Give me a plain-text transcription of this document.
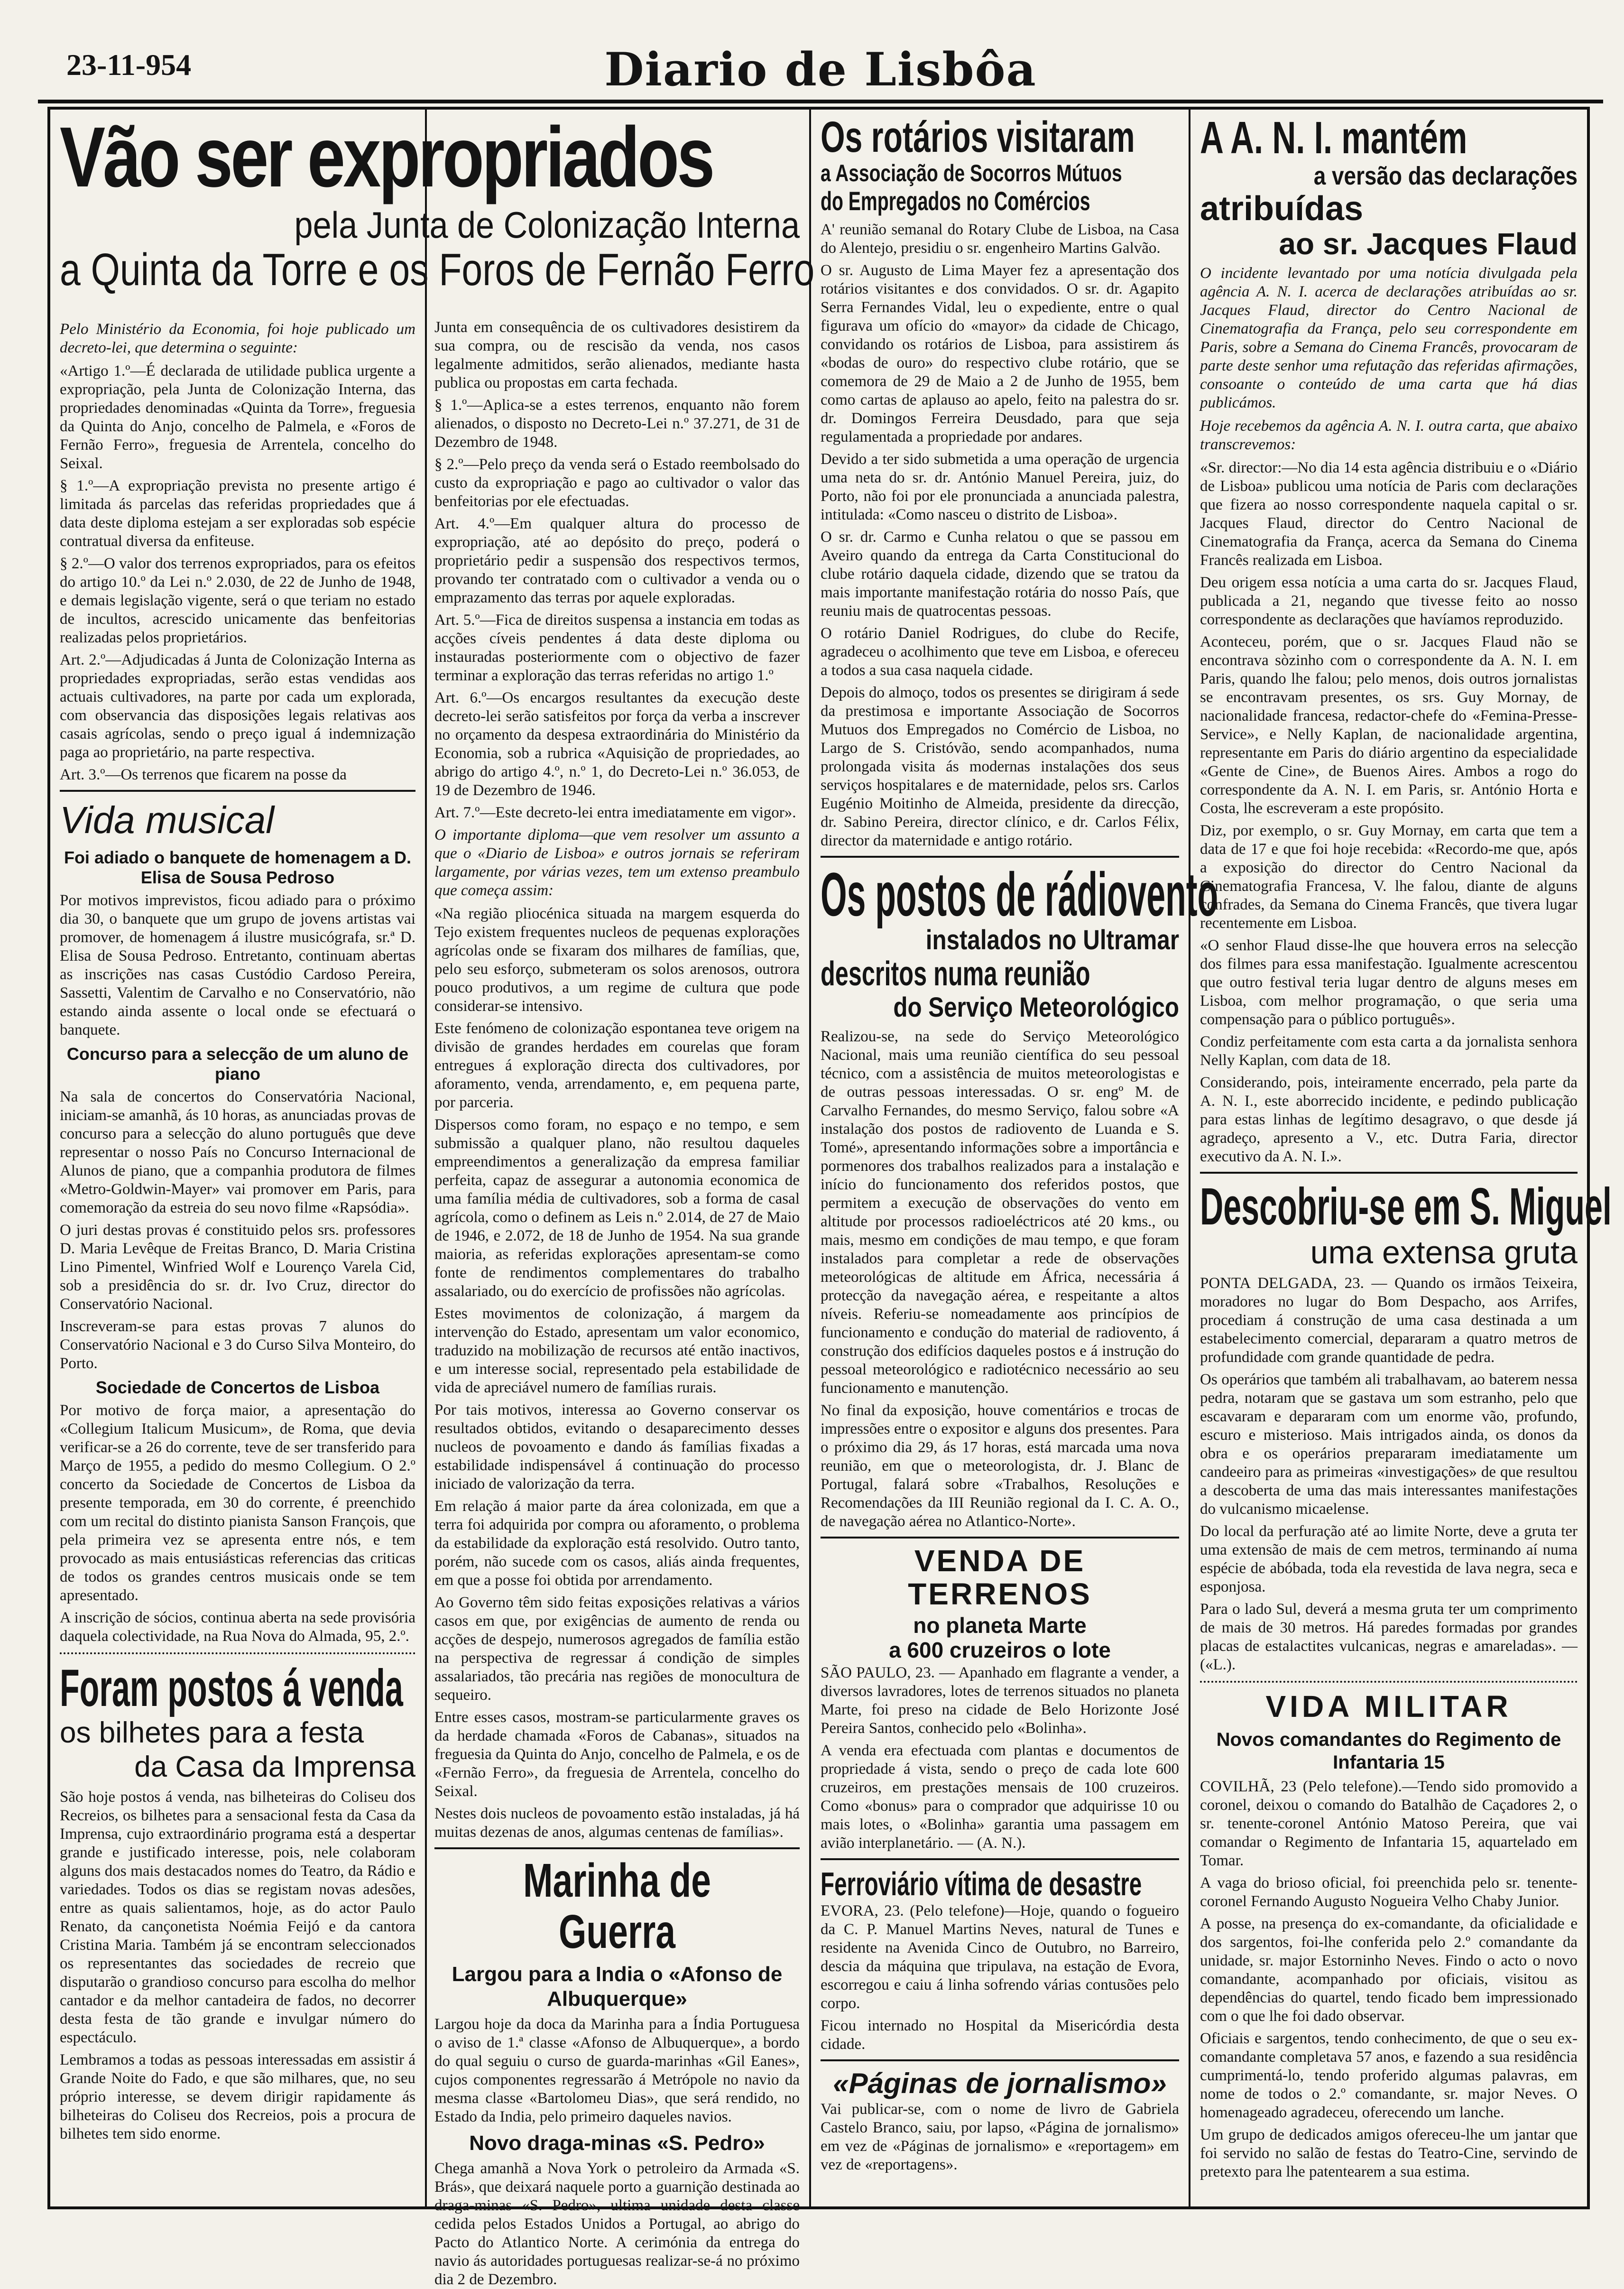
23-11-954	Diario de Lisbôa
Vão ser expropriados Os rotários visitaram
a Associação de Socorros Mútuos
do Empregados no Comércios

A' reunião semanal do Rotary Clube de Lisboa, na Casa do Alentejo, presidiu o sr. engenheiro Martins Galvão.

O sr. Augusto de Lima Mayer fez a apresentação dos rotários visitantes e dos convidados. O sr. dr. Agapito Serra Fernandes Vidal, leu o expediente, entre o qual figurava um ofício do «mayor» da cidade de Chicago, convidando os rotários de Lisboa, para assistirem ás «bodas de ouro» do respectivo clube rotário, que se comemora de 29 de Maio a 2 de Junho de 1955, bem como cartas de aplauso ao apelo, feito na palestra do sr. dr. Domingos Ferreira Deusdado, para que seja regulamentada a propriedade por andares.

Devido a ter sido submetida a uma operação de urgencia uma neta do sr. dr. António Manuel Pereira, juiz, do Porto, não foi por ele pronunciada a anunciada palestra, intitulada: «Como nasceu o distrito de Lisboa».

O sr. dr. Carmo e Cunha relatou o que se passou em Aveiro quando da entrega da Carta Constitucional do clube rotário daquela cidade, dizendo que se tratou da mais importante manifestação rotária do nosso País, que reuniu mais de quatrocentas pessoas.

O rotário Daniel Rodrigues, do clube do Recife, agradeceu o acolhimento que teve em Lisboa, e ofereceu a todos a sua casa naquela cidade.

Depois do almoço, todos os presentes se dirigiram á sede da prestimosa e importante Associação de Socorros Mutuos dos Empregados no Comércio de Lisboa, no Largo de S. Cristóvão, sendo acompanhados, numa prolongada visita ás modernas instalações dos seus serviços hospitalares e de maternidade, pelos srs. Carlos Eugénio Moitinho de Almeida, presidente da direcção, dr. Sabino Pereira, director clínico, e dr. Carlos Félix, director da maternidade e antigo rotário.

Os postos de rádiovento
instalados no Ultramar
descritos numa reunião
do Serviço Meteorológico

Realizou-se, na sede do Serviço Meteorológico Nacional, mais uma reunião científica do seu pessoal técnico, com a assistência de muitos meteorologistas e de outras pessoas interessadas. O sr. engº M. de Carvalho Fernandes, do mesmo Serviço, falou sobre «A instalação dos postos de radiovento de Luanda e S. Tomé», apresentando informações sobre a importância e pormenores dos trabalhos realizados para a instalação e início do funcionamento dos referidos postos, que permitem a execução de observações do vento em altitude por processos radioeléctricos até 20 kms., ou mais, mesmo em condições de mau tempo, e que foram instalados para completar a rede de observações meteorológicas de altitude em África, necessária á protecção da navegação aérea, e respeitante a altos níveis. Referiu-se nomeadamente aos princípios de funcionamento e condução do material de radiovento, á construção dos edifícios daqueles postos e á instrução do pessoal meteorológico e radiotécnico necessário ao seu funcionamento e manutenção.

No final da exposição, houve comentários e trocas de impressões entre o expositor e alguns dos presentes. Para o próximo dia 29, ás 17 horas, está marcada uma nova reunião, em que o meteorologista, dr. J. Blanc de Portugal, falará sobre «Trabalhos, Resoluções e Recomendações da III Reunião regional da I. C. A. O., de navegação aérea no Atlantico-Norte».

VENDA DE TERRENOS
no planeta Marte
a 600 cruzeiros o lote

SÃO PAULO, 23. — Apanhado em flagrante a vender, a diversos lavradores, lotes de terrenos situados no planeta Marte, foi preso na cidade de Belo Horizonte José Pereira Santos, conhecido pelo «Bolinha».

A venda era efectuada com plantas e documentos de propriedade á vista, sendo o preço de cada lote 600 cruzeiros, em prestações mensais de 100 cruzeiros. Como «bonus» para o comprador que adquirisse 10 ou mais lotes, o «Bolinha» garantia uma passagem em avião interplanetário. — (A. N.).

Ferroviário vítima de desastre

EVORA, 23. (Pelo telefone)—Hoje, quando o fogueiro da C. P. Manuel Martins Neves, natural de Tunes e residente na Avenida Cinco de Outubro, no Barreiro, descia da máquina que tripulava, na estação de Evora, escorregou e caiu á linha sofrendo várias contusões pelo corpo.

Ficou internado no Hospital da Misericórdia desta cidade.

«Páginas de jornalismo»

Vai publicar-se, com o nome de livro de Gabriela Castelo Branco, saiu, por lapso, «Página de jornalismo» em vez de «Páginas de jornalismo» e «reportagem» em vez de «reportagens».

A A. N. I. mantém
a versão das declarações
atribuídas
ao sr. Jacques Flaud

O incidente levantado por uma notícia divulgada pela agência A. N. I. acerca de declarações atribuídas ao sr. Jacques Flaud, director do Centro Nacional de Cinematografia da França, pelo seu correspondente em Paris, sobre a Semana do Cinema Francês, provocaram de parte deste senhor uma refutação das referidas afirmações, consoante o conteúdo de uma carta que há dias publicámos.

Hoje recebemos da agência A. N. I. outra carta, que abaixo transcrevemos:

«Sr. director:—No dia 14 esta agência distribuiu e o «Diário de Lisboa» publicou uma notícia de Paris com declarações que fizera ao nosso correspondente naquela capital o sr. Jacques Flaud, director do Centro Nacional de Cinematografia da França, acerca da Semana do Cinema Francês realizada em Lisboa.

Deu origem essa notícia a uma carta do sr. Jacques Flaud, publicada a 21, negando que tivesse feito ao nosso correspondente as declarações que havíamos reproduzido.

Aconteceu, porém, que o sr. Jacques Flaud não se encontrava sòzinho com o correspondente da A. N. I. em Paris, quando lhe falou; pelo menos, dois outros jornalistas se encontravam presentes, os srs. Guy Mornay, de nacionalidade francesa, redactor-chefe do «Femina-Presse-Service», e Nelly Kaplan, de nacionalidade argentina, representante em Paris do diário argentino da especialidade «Gente de Cine», de Buenos Aires. Ambos a rogo do correspondente da A. N. I. em Paris, sr. António Horta e Costa, lhe escreveram a este propósito.

Diz, por exemplo, o sr. Guy Mornay, em carta que tem a data de 17 e que foi hoje recebida: «Recordo-me que, após a exposição do director do Centro Nacional da Cinematografia Francesa, V. lhe falou, diante de alguns confrades, da Semana do Cinema Francês, que tivera lugar recentemente em Lisboa.

«O senhor Flaud disse-lhe que houvera erros na selecção dos filmes para essa manifestação. Igualmente acrescentou que outro festival teria lugar dentro de alguns meses em Lisboa, com melhor programação, o que seria uma compensação para o público português».

Condiz perfeitamente com esta carta a da jornalista senhora Nelly Kaplan, com data de 18.

Considerando, pois, inteiramente encerrado, pela parte da A. N. I., este aborrecido incidente, e pedindo publicação para estas linhas de legítimo desagravo, o que desde já agradeço, apresento a V., etc. Dutra Faria, director executivo da A. N. I.».

Descobriu-se em S. Miguel
uma extensa gruta

PONTA DELGADA, 23. — Quando os irmãos Teixeira, moradores no lugar do Bom Despacho, aos Arrifes, procediam á construção de uma casa destinada a um estabelecimento comercial, depararam a quatro metros de profundidade com grande quantidade de pedra.

Os operários que também ali trabalhavam, ao baterem nessa pedra, notaram que se gastava um som estranho, pelo que escavaram e depararam com um enorme vão, profundo, escuro e misterioso. Mais intrigados ainda, os donos da obra e os operários prepararam imediatamente um candeeiro para as primeiras «investigações» de que resultou a descoberta de uma das mais interessantes manifestações do vulcanismo micaelense.

Do local da perfuração até ao limite Norte, deve a gruta ter uma extensão de mais de cem metros, terminando aí numa espécie de abóbada, toda ela revestida de lava negra, seca e esponjosa.

Para o lado Sul, deverá a mesma gruta ter um comprimento de mais de 30 metros. Há paredes formadas por grandes placas de estalactites vulcanicas, negras e amareladas». — («L.).

VIDA MILITAR
Novos comandantes do Regimento de Infantaria 15

COVILHÃ, 23 (Pelo telefone).—Tendo sido promovido a coronel, deixou o comando do Batalhão de Caçadores 2, o sr. tenente-coronel António Matoso Pereira, que vai comandar o Regimento de Infantaria 15, aquartelado em Tomar.

A vaga do brioso oficial, foi preenchida pelo sr. tenente-coronel Fernando Augusto Nogueira Velho Chaby Junior.

A posse, na presença do ex-comandante, da oficialidade e dos sargentos, foi-lhe conferida pelo 2.º comandante da unidade, sr. major Estorninho Neves. Findo o acto o novo comandante, acompanhado por oficiais, visitou as dependências do quartel, tendo ficado bem impressionado com o que lhe foi dado observar.

Oficiais e sargentos, tendo conhecimento, de que o seu ex-comandante completava 57 anos, e fazendo a sua residência cumprimentá-lo, tendo proferido algumas palavras, em nome de todos o 2.º comandante, sr. major Neves. O homenageado agradeceu, oferecendo um lanche.

Um grupo de dedicados amigos ofereceu-lhe um jantar que foi servido no salão de festas do Teatro-Cine, servindo de pretexto para lhe patentearem a sua estima.

pela Junta de Colonização Interna
a Quinta da Torre e os Foros de Fernão Ferro

Pelo Ministério da Economia, foi hoje publicado um decreto-lei, que determina o seguinte:

«Artigo 1.º—É declarada de utilidade publica urgente a expropriação, pela Junta de Colonização Interna, das propriedades denominadas «Quinta da Torre», freguesia da Quinta do Anjo, concelho de Palmela, e «Foros de Fernão Ferro», freguesia de Arrentela, concelho do Seixal.

§ 1.º—A expropriação prevista no presente artigo é limitada ás parcelas das referidas propriedades que á data deste diploma estejam a ser exploradas sob espécie contratual diversa da enfiteuse.

§ 2.º—O valor dos terrenos expropriados, para os efeitos do artigo 10.º da Lei n.º 2.030, de 22 de Junho de 1948, e demais legislação vigente, será o que teriam no estado de incultos, acrescido unicamente das benfeitorias realizadas pelos proprietários.

Art. 2.º—Adjudicadas á Junta de Colonização Interna as propriedades expropriadas, serão estas vendidas aos actuais cultivadores, na parte por cada um explorada, com observancia das disposições legais relativas aos casais agrícolas, sendo o preço igual á indemnização paga ao proprietário, na parte respectiva.

Art. 3.º—Os terrenos que ficarem na posse da

Vida musical
Foi adiado o banquete de homenagem a D. Elisa de Sousa Pedroso

Por motivos imprevistos, ficou adiado para o próximo dia 30, o banquete que um grupo de jovens artistas vai promover, de homenagem á ilustre musicógrafa, sr.ª D. Elisa de Sousa Pedroso. Entretanto, continuam abertas as inscrições nas casas Custódio Cardoso Pereira, Sassetti, Valentim de Carvalho e no Conservatório, não estando ainda assente o local onde se efectuará o banquete.

Concurso para a selecção de um aluno de piano

Na sala de concertos do Conservatória Nacional, iniciam-se amanhã, ás 10 horas, as anunciadas provas de concurso para a selecção do aluno português que deve representar o nosso País no Concurso Internacional de Alunos de piano, que a companhia produtora de filmes «Metro-Goldwin-Mayer» vai promover em Paris, para comemoração da estreia do seu novo filme «Rapsódia».

O juri destas provas é constituido pelos srs. professores D. Maria Levêque de Freitas Branco, D. Maria Cristina Lino Pimentel, Winfried Wolf e Lourenço Varela Cid, sob a presidência do sr. dr. Ivo Cruz, director do Conservatório Nacional.

Inscreveram-se para estas provas 7 alunos do Conservatório Nacional e 3 do Curso Silva Monteiro, do Porto.

Sociedade de Concertos de Lisboa

Por motivo de força maior, a apresentação do «Collegium Italicum Musicum», de Roma, que devia verificar-se a 26 do corrente, teve de ser transferido para Março de 1955, a pedido do mesmo Collegium. O 2.º concerto da Sociedade de Concertos de Lisboa da presente temporada, em 30 do corrente, é preenchido com um recital do distinto pianista Sanson François, que pela primeira vez se apresenta entre nós, e tem provocado as mais entusiásticas referencias das criticas de todos os grandes centros musicais onde se tem apresentado.

A inscrição de sócios, continua aberta na sede provisória daquela colectividade, na Rua Nova do Almada, 95, 2.º.

Foram postos á venda
os bilhetes para a festa
da Casa da Imprensa

São hoje postos á venda, nas bilheteiras do Coliseu dos Recreios, os bilhetes para a sensacional festa da Casa da Imprensa, cujo extraordinário programa está a despertar grande e justificado interesse, pois, nele colaboram alguns dos mais destacados nomes do Teatro, da Rádio e variedades. Todos os dias se registam novas adesões, entre as quais salientamos, hoje, as do actor Paulo Renato, da cançonetista Noémia Feijó e da cantora Cristina Maria. Também já se encontram seleccionados os representantes das sociedades de recreio que disputarão o grandioso concurso para escolha do melhor cantador e da melhor cantadeira de fados, no decorrer desta festa de tão grande e invulgar número do espectáculo.

Lembramos a todas as pessoas interessadas em assistir á Grande Noite do Fado, e que são milhares, que, no seu próprio interesse, se devem dirigir rapidamente ás bilheteiras do Coliseu dos Recreios, pois a procura de bilhetes tem sido enorme.

Junta em consequência de os cultivadores desistirem da sua compra, ou de rescisão da venda, nos casos legalmente admitidos, serão alienados, mediante hasta publica ou propostas em carta fechada.

§ 1.º—Aplica-se a estes terrenos, enquanto não forem alienados, o disposto no Decreto-Lei n.º 37.271, de 31 de Dezembro de 1948.

§ 2.º—Pelo preço da venda será o Estado reembolsado do custo da expropriação e pago ao cultivador o valor das benfeitorias por ele efectuadas.

Art. 4.º—Em qualquer altura do processo de expropriação, até ao depósito do preço, poderá o proprietário pedir a suspensão dos respectivos termos, provando ter contratado com o cultivador a venda ou o emprazamento das terras por aquele exploradas.

Art. 5.º—Fica de direitos suspensa a instancia em todas as acções cíveis pendentes á data deste diploma ou instauradas posteriormente com o objectivo de fazer terminar a exploração das terras referidas no artigo 1.º

Art. 6.º—Os encargos resultantes da execução deste decreto-lei serão satisfeitos por força da verba a inscrever no orçamento da despesa extraordinária do Ministério da Economia, sob a rubrica «Aquisição de propriedades, ao abrigo do artigo 4.º, n.º 1, do Decreto-Lei n.º 36.053, de 19 de Dezembro de 1946.

Art. 7.º—Este decreto-lei entra imediatamente em vigor».

O importante diploma—que vem resolver um assunto a que o «Diario de Lisboa» e outros jornais se referiram largamente, por várias vezes, tem um extenso preambulo que começa assim:

«Na região pliocénica situada na margem esquerda do Tejo existem frequentes nucleos de pequenas explorações agrícolas onde se fixaram dos milhares de famílias, que, pelo seu esforço, submeteram os solos arenosos, outrora pouco produtivos, a um regime de cultura que pode considerar-se intensivo.

Este fenómeno de colonização espontanea teve origem na divisão de grandes herdades em courelas que foram entregues á exploração directa dos cultivadores, por aforamento, venda, arrendamento, e, em pequena parte, por parceria.

Dispersos como foram, no espaço e no tempo, e sem submissão a qualquer plano, não resultou daqueles empreendimentos a generalização da empresa familiar perfeita, capaz de assegurar a autonomia economica de uma família média de cultivadores, sob a forma de casal agrícola, como o definem as Leis n.º 2.014, de 27 de Maio de 1946, e 2.072, de 18 de Junho de 1954. Na sua grande maioria, as referidas explorações apresentam-se como fonte de rendimentos complementares do trabalho assalariado, ou do exercício de profissões não agrícolas.

Estes movimentos de colonização, á margem da intervenção do Estado, apresentam um valor economico, traduzido na mobilização de recursos até então inactivos, e um interesse social, representado pela estabilidade de vida de apreciável numero de famílias rurais.

Por tais motivos, interessa ao Governo conservar os resultados obtidos, evitando o desaparecimento desses nucleos de povoamento e dando ás famílias fixadas a estabilidade indispensável á continuação do processo iniciado de valorização da terra.

Em relação á maior parte da área colonizada, em que a terra foi adquirida por compra ou aforamento, o problema da estabilidade da exploração está resolvido. Outro tanto, porém, não sucede com os casos, aliás ainda frequentes, em que a posse foi obtida por arrendamento.

Ao Governo têm sido feitas exposições relativas a vários casos em que, por exigências de aumento de renda ou acções de despejo, numerosos agregados de família estão na perspectiva de regressar á condição de simples assalariados, tão precária nas regiões de monocultura de sequeiro.

Entre esses casos, mostram-se particularmente graves os da herdade chamada «Foros de Cabanas», situados na freguesia da Quinta do Anjo, concelho de Palmela, e os de «Fernão Ferro», da freguesia de Arrentela, concelho do Seixal.

Nestes dois nucleos de povoamento estão instaladas, já há muitas dezenas de anos, algumas centenas de famílias».

Marinha de Guerra
Largou para a India o «Afonso de Albuquerque»

Largou hoje da doca da Marinha para a Índia Portuguesa o aviso de 1.ª classe «Afonso de Albuquerque», a bordo do qual seguiu o curso de guarda-marinhas «Gil Eanes», cujos componentes regressarão á Metrópole no navio da mesma classe «Bartolomeu Dias», que será rendido, no Estado da India, pelo primeiro daqueles navios.

Novo draga-minas «S. Pedro»

Chega amanhã a Nova York o petroleiro da Armada «S. Brás», que deixará naquele porto a guarnição destinada ao draga-minas «S. Pedro», ultima unidade desta classe cedida pelos Estados Unidos a Portugal, ao abrigo do Pacto do Atlantico Norte. A cerimónia da entrega do navio ás autoridades portuguesas realizar-se-á no próximo dia 2 de Dezembro.
